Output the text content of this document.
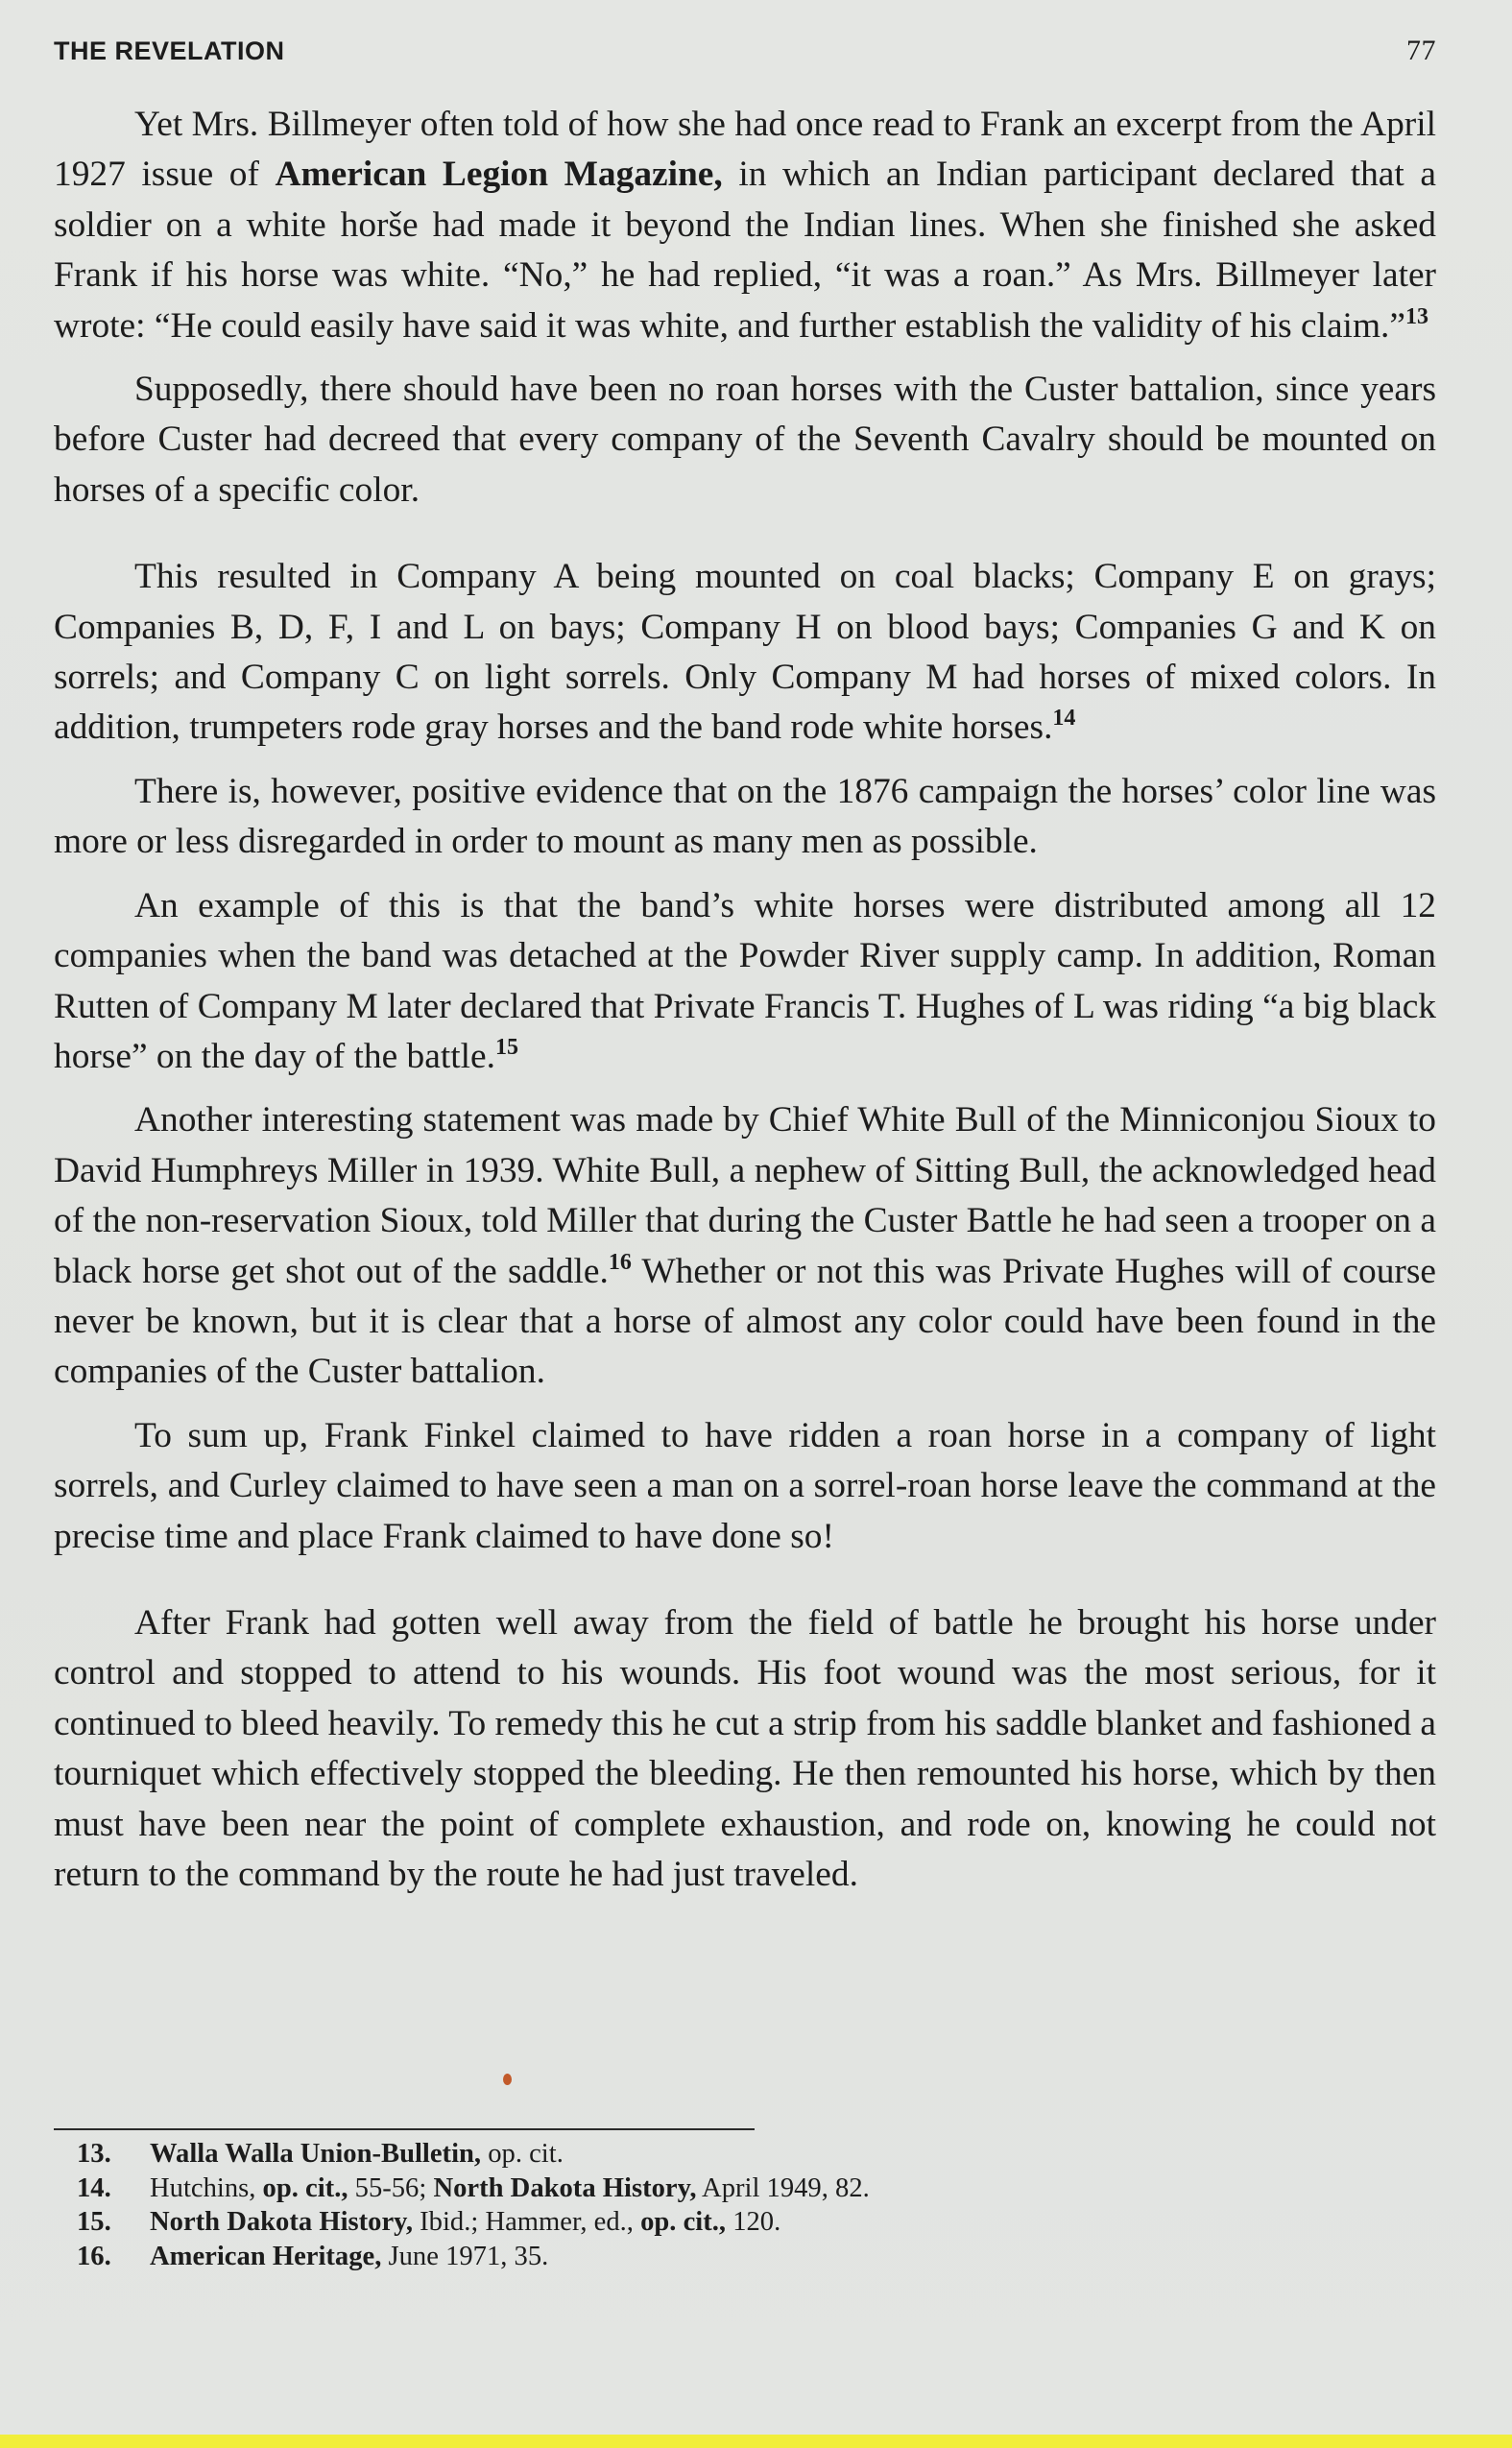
THE REVELATION	77

Yet Mrs. Billmeyer often told of how she had once read to Frank an excerpt from the April 1927 issue of American Legion Magazine, in which an Indian participant declared that a soldier on a white horše had made it beyond the Indian lines. When she finished she asked Frank if his horse was white. “No,” he had replied, “it was a roan.” As Mrs. Billmeyer later wrote: “He could easily have said it was white, and further establish the validity of his claim.”$^{13}$

Supposedly, there should have been no roan horses with the Custer battalion, since years before Custer had decreed that every company of the Seventh Cavalry should be mounted on horses of a specific color.

This resulted in Company A being mounted on coal blacks; Company E on grays; Companies B, D, F, I and L on bays; Company H on blood bays; Companies G and K on sorrels; and Company C on light sorrels. Only Company M had horses of mixed colors. In addition, trumpeters rode gray horses and the band rode white horses.$^{14}$

There is, however, positive evidence that on the 1876 campaign the horses’ color line was more or less disregarded in order to mount as many men as possible.

An example of this is that the band’s white horses were distributed among all 12 companies when the band was detached at the Powder River supply camp. In addition, Roman Rutten of Company M later declared that Private Francis T. Hughes of L was riding “a big black horse” on the day of the battle.$^{15}$

Another interesting statement was made by Chief White Bull of the Minniconjou Sioux to David Humphreys Miller in 1939. White Bull, a nephew of Sitting Bull, the acknowledged head of the non-reservation Sioux, told Miller that during the Custer Battle he had seen a trooper on a black horse get shot out of the saddle.$^{16}$ Whether or not this was Private Hughes will of course never be known, but it is clear that a horse of almost any color could have been found in the companies of the Custer battalion.

To sum up, Frank Finkel claimed to have ridden a roan horse in a company of light sorrels, and Curley claimed to have seen a man on a sorrel-roan horse leave the command at the precise time and place Frank claimed to have done so!

After Frank had gotten well away from the field of battle he brought his horse under control and stopped to attend to his wounds. His foot wound was the most serious, for it continued to bleed heavily. To remedy this he cut a strip from his saddle blanket and fashioned a tourniquet which effectively stopped the bleeding. He then remounted his horse, which by then must have been near the point of complete exhaustion, and rode on, knowing he could not return to the command by the route he had just traveled.

13.	Walla Walla Union-Bulletin, op. cit.
14.	Hutchins, op. cit., 55-56; North Dakota History, April 1949, 82.
15.	North Dakota History, Ibid.; Hammer, ed., op. cit., 120.
16.	American Heritage, June 1971, 35.
